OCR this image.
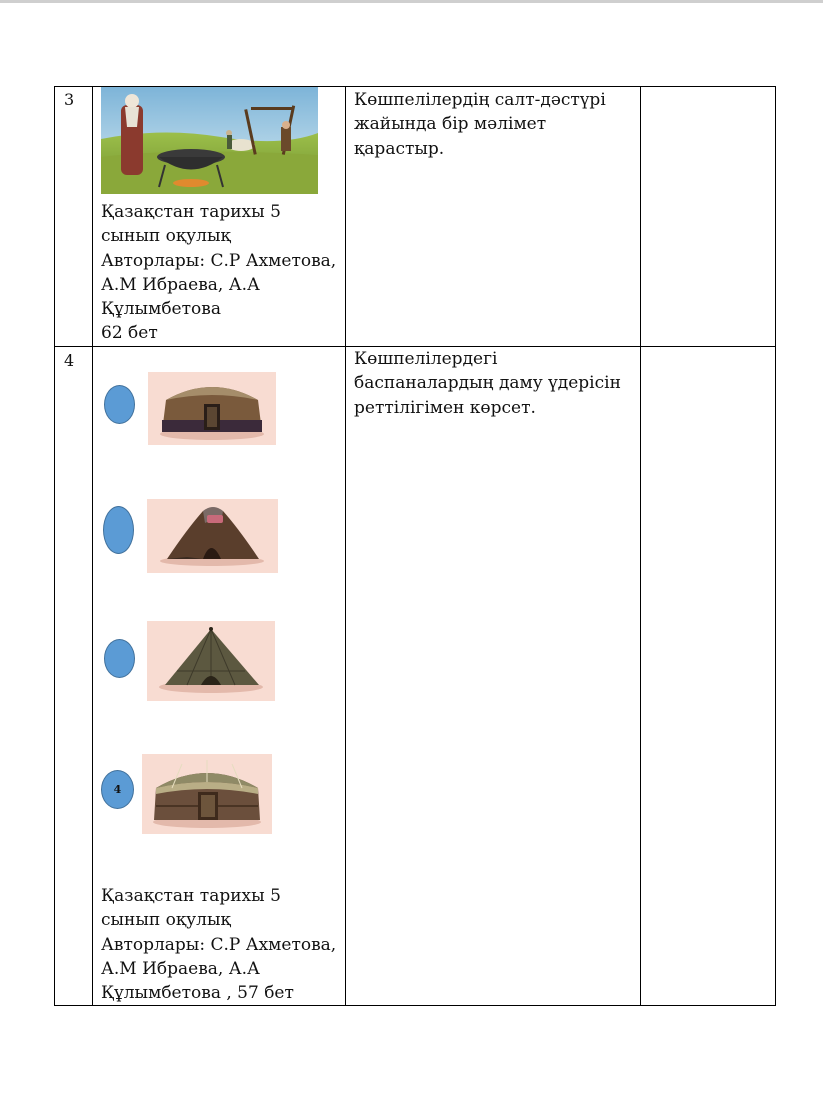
3
Қазақстан тарихы 5
сынып оқулық
Авторлары: С.Р Ахметова,
А.М Ибраева, А.А
Құлымбетова
62 бет
Көшпелілердің салт-дәстүрі
жайында бір мәлімет
қарастыр.
4	Көшпелілердегі
баспаналардың даму үдерісін
реттілігімен көрсет.
4
Қазақстан тарихы 5
сынып оқулық
Авторлары: С.Р Ахметова,
А.М Ибраева, А.А
Құлымбетова , 57 бет
